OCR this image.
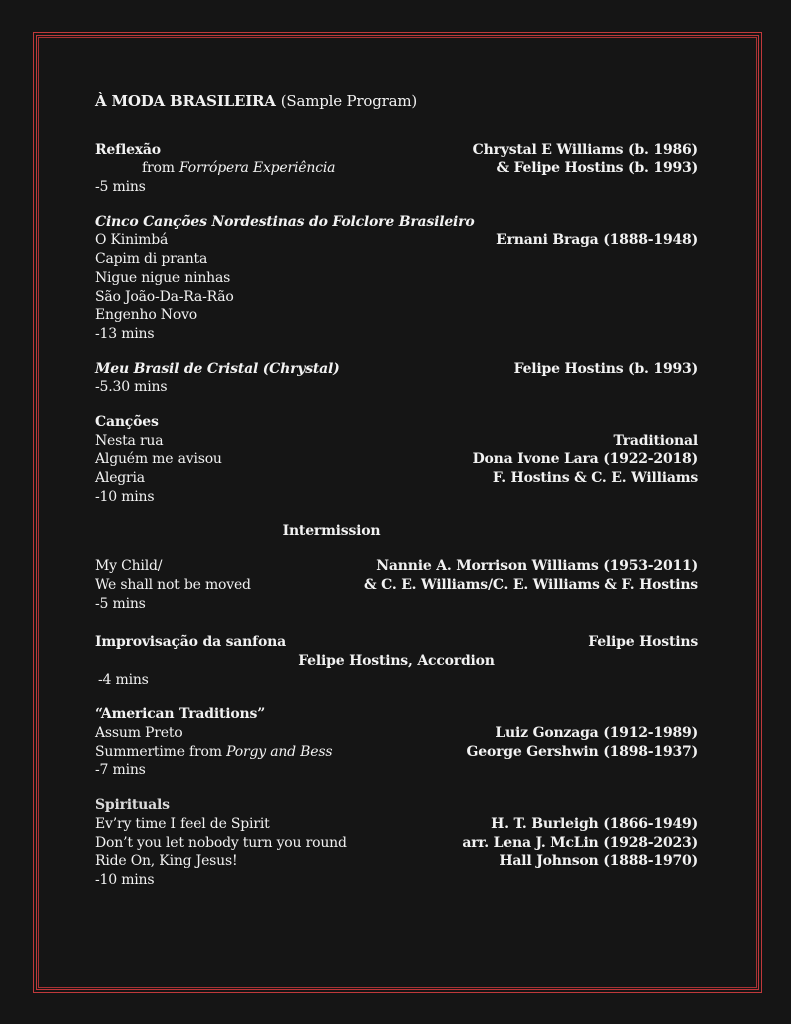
À MODA BRASILEIRA (Sample Program)
Reflexão	Chrystal E Williams (b. 1986)
from Forrópera Experiência	& Felipe Hostins (b. 1993)
-5 mins
Cinco Canções Nordestinas do Folclore Brasileiro
O Kinimbá	Ernani Braga (1888-1948)
Capim di pranta
Nigue nigue ninhas
São João-Da-Ra-Rão
Engenho Novo
-13 mins
Meu Brasil de Cristal (Chrystal)	Felipe Hostins (b. 1993)
-5.30 mins
Canções
Nesta rua	Traditional
Alguém me avisou	Dona Ivone Lara (1922-2018)
Alegria	F. Hostins & C. E. Williams
-10 mins
Intermission
My Child/	Nannie A. Morrison Williams (1953-2011)
We shall not be moved	& C. E. Williams/C. E. Williams & F. Hostins
-5 mins
Improvisação da sanfona	Felipe Hostins
Felipe Hostins, Accordion
-4 mins
“American Traditions”
Assum Preto	Luiz Gonzaga (1912-1989)
Summertime from Porgy and Bess	George Gershwin (1898-1937)
-7 mins
Spirituals
Ev’ry time I feel de Spirit	H. T. Burleigh (1866-1949)
Don’t you let nobody turn you round	arr. Lena J. McLin (1928-2023)
Ride On, King Jesus!	Hall Johnson (1888-1970)
-10 mins
